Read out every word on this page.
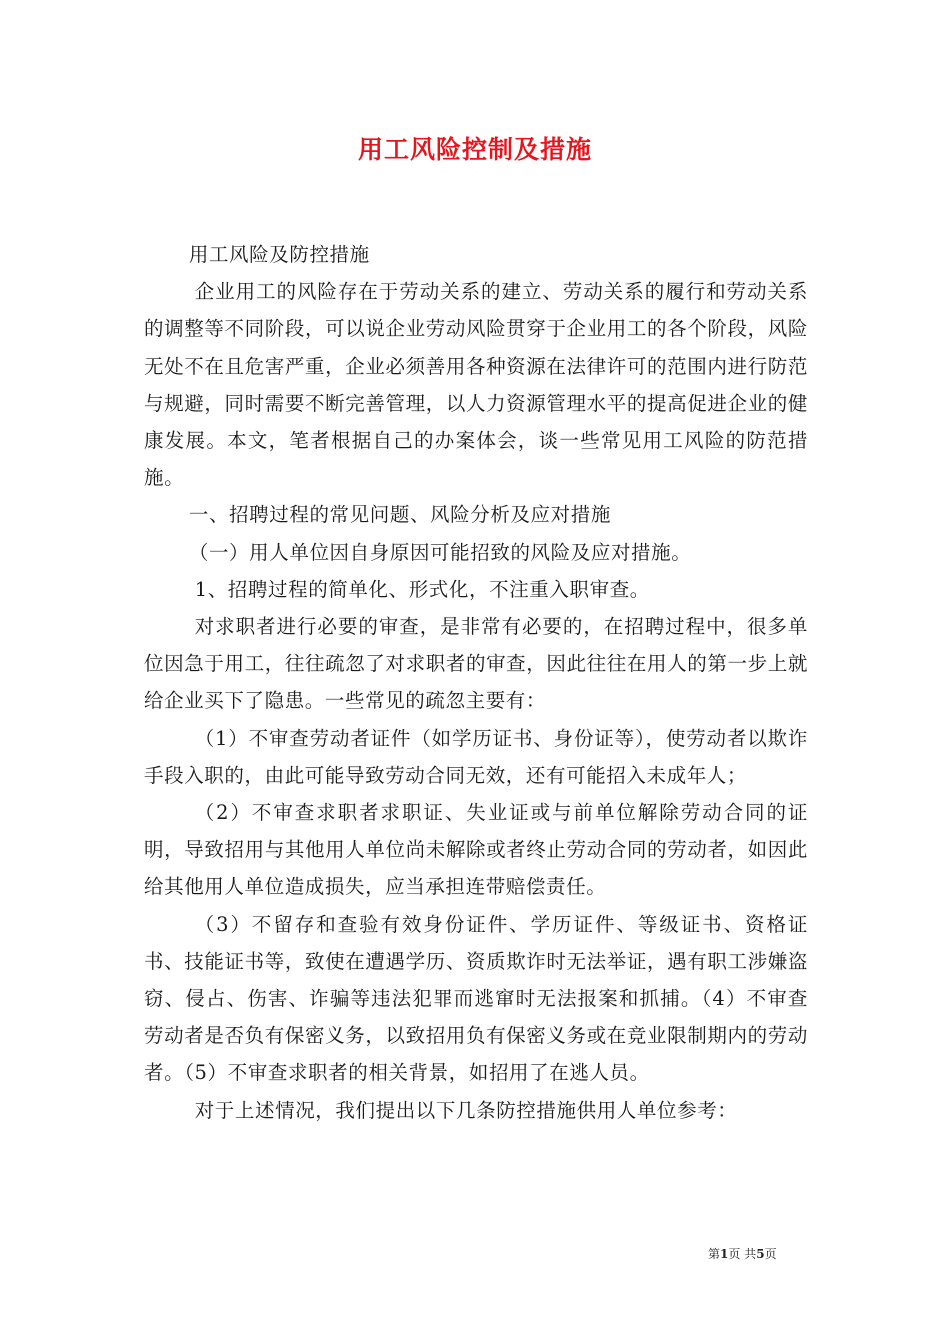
用工风险控制及措施

用工风险及防控措施

企业用工的风险存在于劳动关系的建立、劳动关系的履行和劳动关系的调整等不同阶段，可以说企业劳动风险贯穿于企业用工的各个阶段，风险无处不在且危害严重，企业必须善用各种资源在法律许可的范围内进行防范与规避，同时需要不断完善管理，以人力资源管理水平的提高促进企业的健康发展。本文，笔者根据自己的办案体会，谈一些常见用工风险的防范措施。

一、招聘过程的常见问题、风险分析及应对措施

（一）用人单位因自身原因可能招致的风险及应对措施。

1、招聘过程的简单化、形式化，不注重入职审查。

对求职者进行必要的审查，是非常有必要的，在招聘过程中，很多单位因急于用工，往往疏忽了对求职者的审查，因此往往在用人的第一步上就给企业买下了隐患。一些常见的疏忽主要有：

（1）不审查劳动者证件（如学历证书、身份证等），使劳动者以欺诈手段入职的，由此可能导致劳动合同无效，还有可能招入未成年人；

（2）不审查求职者求职证、失业证或与前单位解除劳动合同的证明，导致招用与其他用人单位尚未解除或者终止劳动合同的劳动者，如因此给其他用人单位造成损失，应当承担连带赔偿责任。

（3）不留存和查验有效身份证件、学历证件、等级证书、资格证书、技能证书等，致使在遭遇学历、资质欺诈时无法举证，遇有职工涉嫌盗窃、侵占、伤害、诈骗等违法犯罪而逃窜时无法报案和抓捕。（4）不审查劳动者是否负有保密义务，以致招用负有保密义务或在竞业限制期内的劳动者。（5）不审查求职者的相关背景，如招用了在逃人员。

对于上述情况，我们提出以下几条防控措施供用人单位参考：

第1页 共5页
